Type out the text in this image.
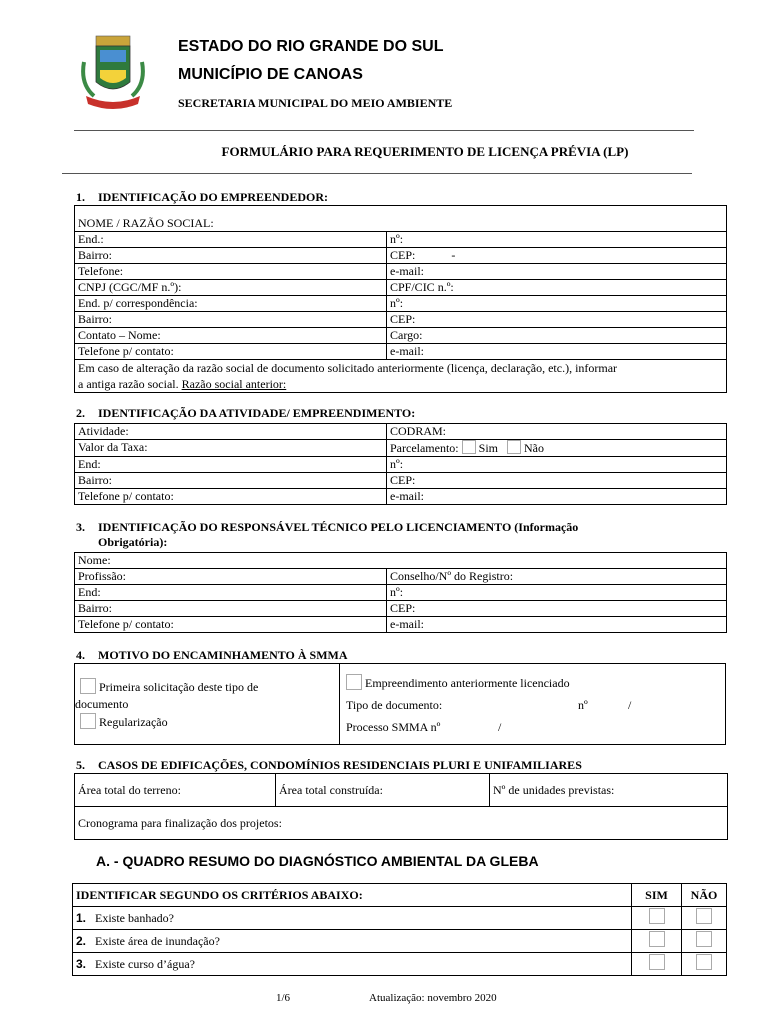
ESTADO DO RIO GRANDE DO SUL
MUNICÍPIO DE CANOAS
SECRETARIA MUNICIPAL DO MEIO AMBIENTE
FORMULÁRIO PARA REQUERIMENTO DE LICENÇA PRÉVIA (LP)
1. IDENTIFICAÇÃO DO EMPREENDEDOR:
NOME / RAZÃO SOCIAL:	
End.:	nº:
Bairro:	CEP:            -
Telefone:	e-mail:
CNPJ (CGC/MF n.º):	CPF/CIC n.º:
End. p/ correspondência:	nº:
Bairro:	CEP:
Contato – Nome:	Cargo:
Telefone p/ contato:	e-mail:
Em caso de alteração da razão social de documento solicitado anteriormente (licença, declaração, etc.), informar
a antiga razão social. Razão social anterior:	
2. IDENTIFICAÇÃO DA ATIVIDADE/ EMPREENDIMENTO:
Atividade:	CODRAM:
Valor da Taxa:	Parcelamento: Sim Não
End:	nº:
Bairro:	CEP:
Telefone p/ contato:	e-mail:
3. IDENTIFICAÇÃO DO RESPONSÁVEL TÉCNICO PELO LICENCIAMENTO (Informação
Obrigatória):
Nome:	
Profissão:	Conselho/Nº do Registro:
End:	nº:
Bairro:	CEP:
Telefone p/ contato:	e-mail:
4. MOTIVO DO ENCAMINHAMENTO À SMMA
Primeira solicitação deste tipo de
documento
Regularização
Empreendimento anteriormente licenciado
Tipo de documento:	nº	/

Processo SMMA nº	/
5. CASOS DE EDIFICAÇÕES, CONDOMÍNIOS RESIDENCIAIS PLURI E UNIFAMILIARES
Área total do terreno:	Área total construída:	Nº de unidades previstas:
Cronograma para finalização dos projetos:
A. - QUADRO RESUMO DO DIAGNÓSTICO AMBIENTAL DA GLEBA
IDENTIFICAR SEGUNDO OS CRITÉRIOS ABAIXO:	SIM	NÃO
1. Existe banhado?		
2. Existe área de inundação?		
3. Existe curso d’água?		
1/6	Atualização: novembro 2020
